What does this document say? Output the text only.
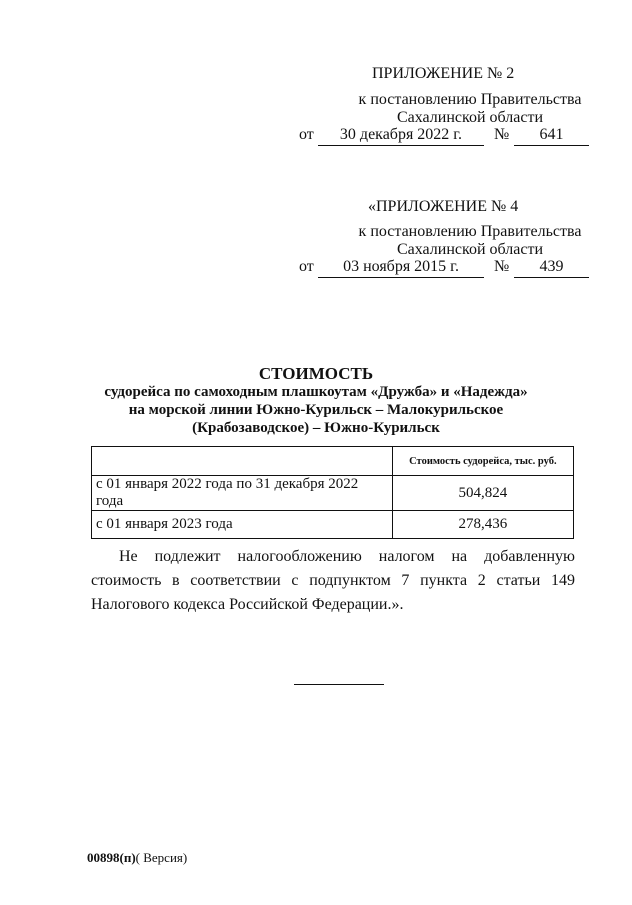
ПРИЛОЖЕНИЕ № 2
к постановлению Правительства
Сахалинской области
от	30 декабря 2022 г.	№	641
«ПРИЛОЖЕНИЕ № 4
к постановлению Правительства
Сахалинской области
от	03 ноября 2015 г.	№	439
СТОИМОСТЬ
судорейса по самоходным плашкоутам «Дружба» и «Надежда»
на морской линии Южно-Курильск – Малокурильское
(Крабозаводское) – Южно-Курильск
	Стоимость судорейса, тыс. руб.
с 01 января 2022 года по 31 декабря 2022 года	504,824
с 01 января 2023 года	278,436
Не подлежит налогообложению налогом на добавленную стоимость в соответствии с подпунктом 7 пункта 2 статьи 149 Налогового кодекса Российской Федерации.».
00898(п)( Версия)
